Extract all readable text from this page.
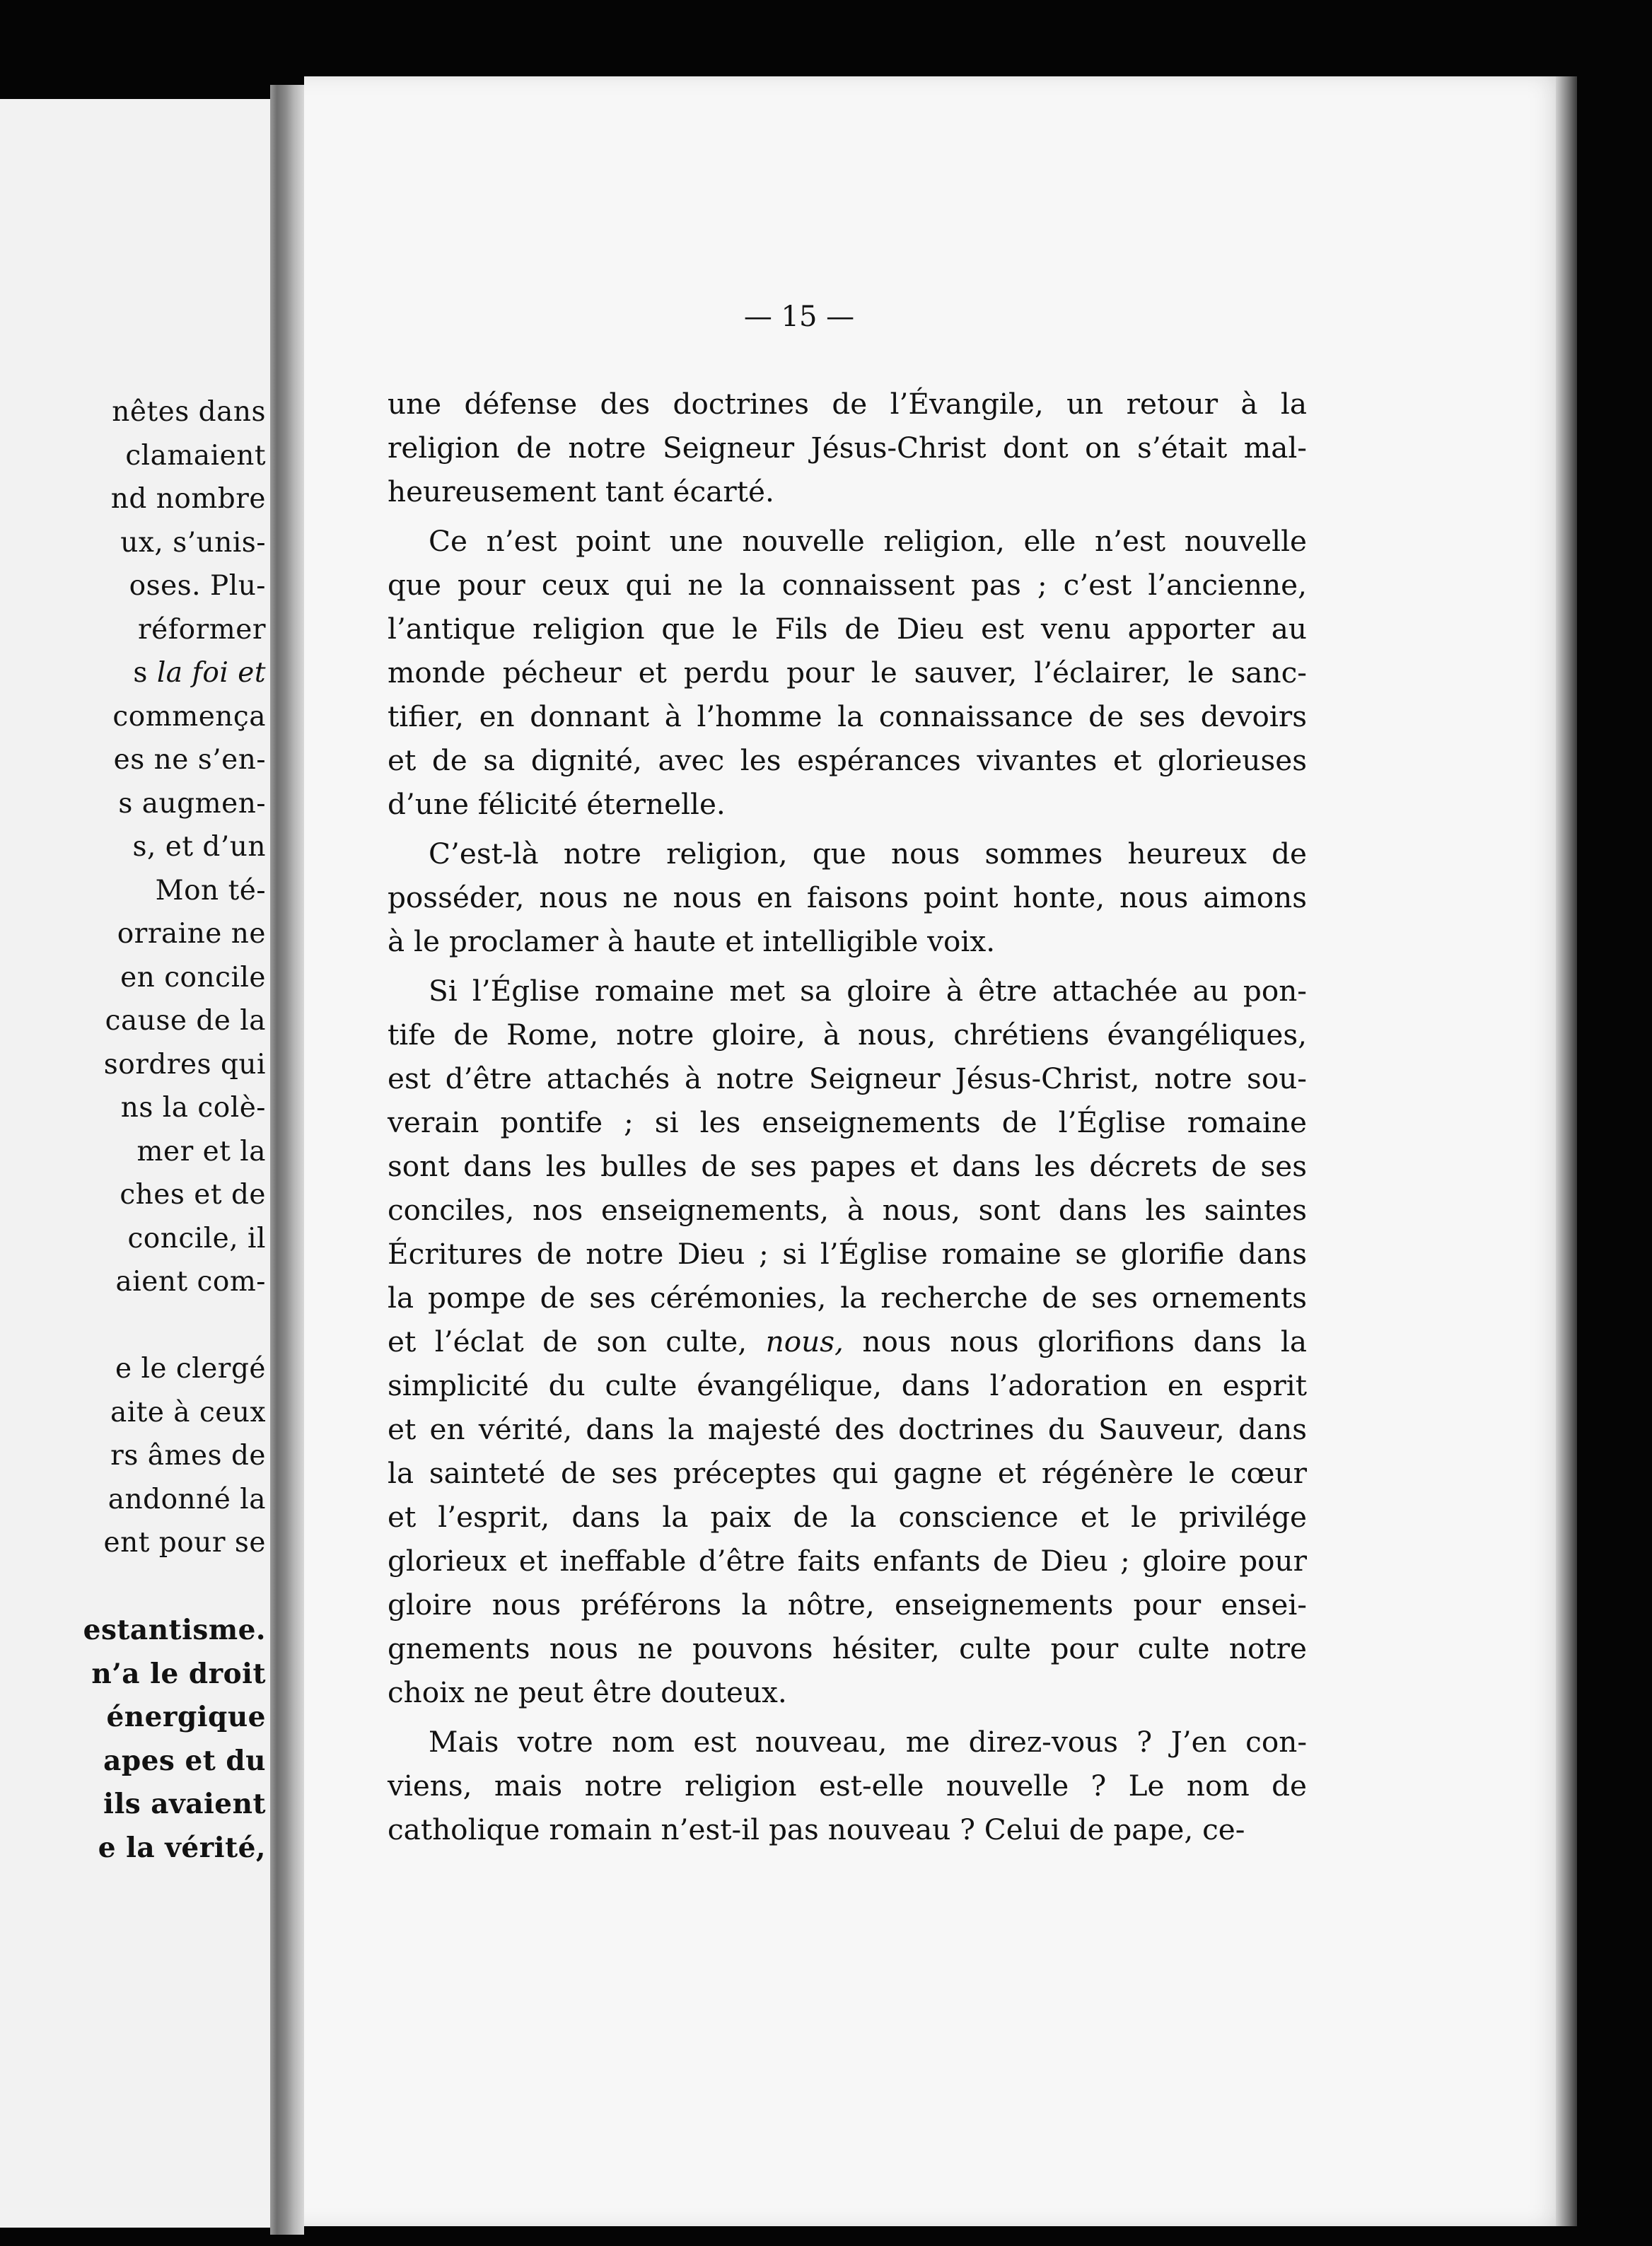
nêtes dans
clamaient
nd nombre
ux, s’unis-
oses. Plu-
réformer
s la foi et
commença
es ne s’en-
s augmen-
s, et d’un
Mon té-
orraine ne
en concile
cause de la
sordres qui
ns la colè-
mer et la
ches et de
concile, il
aient com-
e le clergé
aite à ceux
rs âmes de
andonné la
ent pour se
estantisme.
n’a le droit
énergique
apes et du
ils avaient
e la vérité,
— 15 —
une défense des doctrines de l’Évangile, un retour à la
religion de notre Seigneur Jésus-Christ dont on s’était mal-
heureusement tant écarté.
Ce n’est point une nouvelle religion, elle n’est nouvelle
que pour ceux qui ne la connaissent pas ; c’est l’ancienne,
l’antique religion que le Fils de Dieu est venu apporter au
monde pécheur et perdu pour le sauver, l’éclairer, le sanc-
tifier, en donnant à l’homme la connaissance de ses devoirs
et de sa dignité, avec les espérances vivantes et glorieuses
d’une félicité éternelle.
C’est-là notre religion, que nous sommes heureux de
posséder, nous ne nous en faisons point honte, nous aimons
à le proclamer à haute et intelligible voix.
Si l’Église romaine met sa gloire à être attachée au pon-
tife de Rome, notre gloire, à nous, chrétiens évangéliques,
est d’être attachés à notre Seigneur Jésus-Christ, notre sou-
verain pontife ; si les enseignements de l’Église romaine
sont dans les bulles de ses papes et dans les décrets de ses
conciles, nos enseignements, à nous, sont dans les saintes
Écritures de notre Dieu ; si l’Église romaine se glorifie dans
la pompe de ses cérémonies, la recherche de ses ornements
et l’éclat de son culte, nous, nous nous glorifions dans la
simplicité du culte évangélique, dans l’adoration en esprit
et en vérité, dans la majesté des doctrines du Sauveur, dans
la sainteté de ses préceptes qui gagne et régénère le cœur
et l’esprit, dans la paix de la conscience et le privilége
glorieux et ineffable d’être faits enfants de Dieu ; gloire pour
gloire nous préférons la nôtre, enseignements pour ensei-
gnements nous ne pouvons hésiter, culte pour culte notre
choix ne peut être douteux.
Mais votre nom est nouveau, me direz-vous ? J’en con-
viens, mais notre religion est-elle nouvelle ? Le nom de
catholique romain n’est-il pas nouveau ? Celui de pape, ce-
